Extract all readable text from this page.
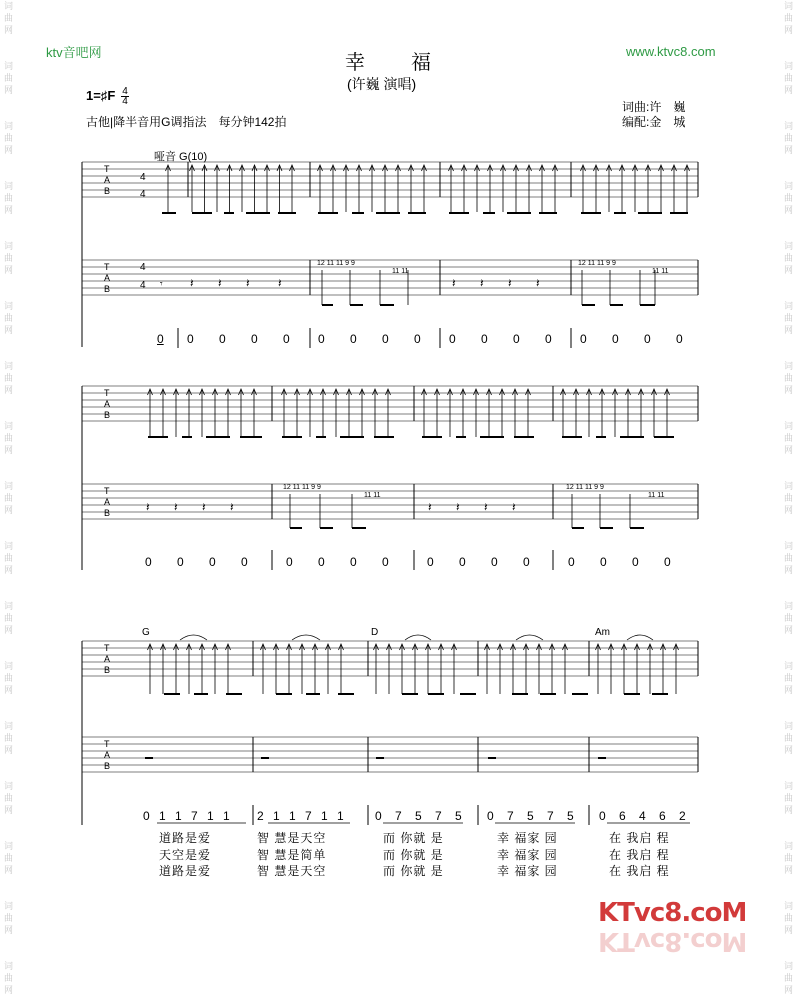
词
曲
网

词
曲
网

词
曲
网

词
曲
网

词
曲
网

词
曲
网

词
曲
网

词
曲
网

词
曲
网

词
曲
网

词
曲
网

词
曲
网

词
曲
网

词
曲
网

词
曲
网

词
曲
网

词
曲
网
词
曲
网

词
曲
网

词
曲
网

词
曲
网

词
曲
网

词
曲
网

词
曲
网

词
曲
网

词
曲
网

词
曲
网

词
曲
网

词
曲
网

词
曲
网

词
曲
网

词
曲
网

词
曲
网

词
曲
网
ktv音吧网	www.ktvc8.com
幸　　福
(许巍 演唱)
1=♯F 4
4
古他|降半音用G调指法　每分钟142拍
词曲:许　巍
编配:金　城
T
A
B
4
4
T
A
B
4
4	𝄽 𝄽 𝄽 𝄽	𝄽 𝄽 𝄽 𝄽
𝄾
12 11 11 9 9
11 11
12 11 11 9 9
11 11
T
A
B
T
A
B	𝄽 𝄽 𝄽 𝄽	𝄽 𝄽 𝄽 𝄽
12 11 11 9 9
11 11
12 11 11 9 9
11 11
T
A
B
T
A
B
哑音 G(10)
G	D	Am
0 0 0 0 0 0 0 0 0 0 0 0 0 0 0 0 0
0 0 0 0 0 0 0 0 0 0 0 0 0 0 0 0
0 1 1 7 1 1 2 1 1 7 1 1 0 7 5 7 5 0 7 5 7 5 0 6 4 6 2
道路是爱	智 慧是天空	而 你就 是	幸 福家 园	在 我启 程
天空是爱	智 慧是简单	而 你就 是	幸 福家 园	在 我启 程
道路是爱	智 慧是天空	而 你就 是	幸 福家 园	在 我启 程
KTvc8.coM
KTvc8.coM
